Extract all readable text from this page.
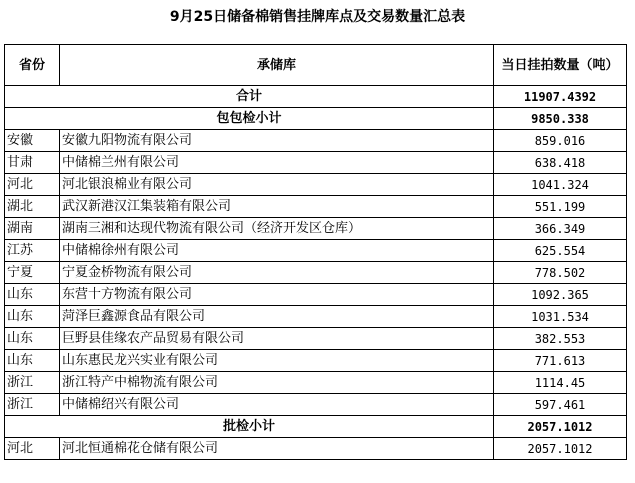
9月25日储备棉销售挂牌库点及交易数量汇总表
省份	承储库	当日挂拍数量（吨）
合计		11907.4392
包包检小计		9850.338
安徽	安徽九阳物流有限公司	859.016
甘肃	中储棉兰州有限公司	638.418
河北	河北银浪棉业有限公司	1041.324
湖北	武汉新港汉江集装箱有限公司	551.199
湖南	湖南三湘和达现代物流有限公司（经济开发区仓库）	366.349
江苏	中储棉徐州有限公司	625.554
宁夏	宁夏金桥物流有限公司	778.502
山东	东营十方物流有限公司	1092.365
山东	菏泽巨鑫源食品有限公司	1031.534
山东	巨野县佳缘农产品贸易有限公司	382.553
山东	山东惠民龙兴实业有限公司	771.613
浙江	浙江特产中棉物流有限公司	1114.45
浙江	中储棉绍兴有限公司	597.461
批检小计		2057.1012
河北	河北恒通棉花仓储有限公司	2057.1012
